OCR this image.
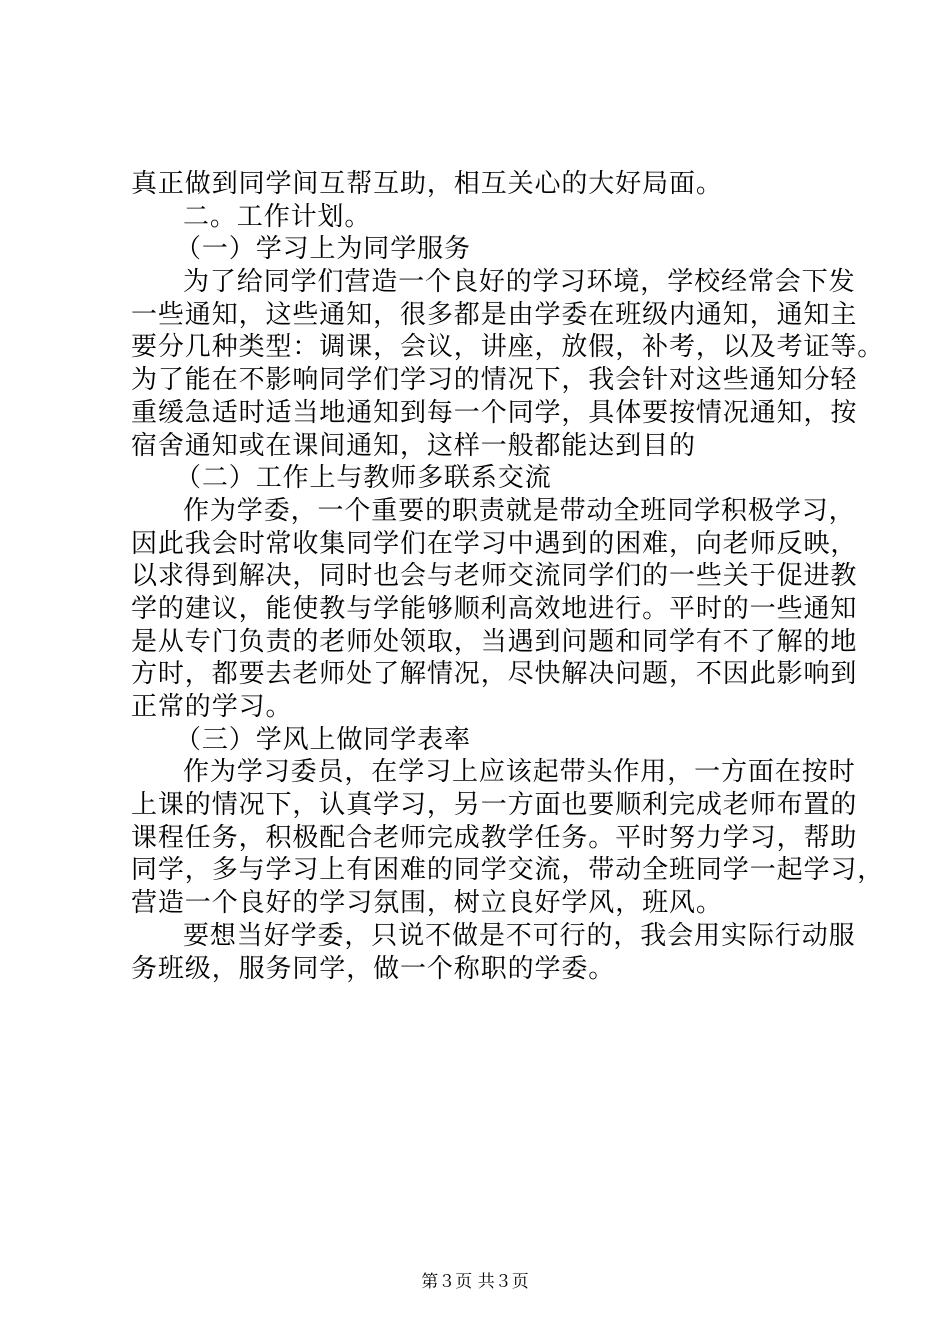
真正做到同学间互帮互助，相互关心的大好局面。
二。工作计划。
（一）学习上为同学服务
为了给同学们营造一个良好的学习环境，学校经常会下发
一些通知，这些通知，很多都是由学委在班级内通知，通知主
要分几种类型：调课，会议，讲座，放假，补考，以及考证等。
为了能在不影响同学们学习的情况下，我会针对这些通知分轻
重缓急适时适当地通知到每一个同学，具体要按情况通知，按
宿舍通知或在课间通知，这样一般都能达到目的
（二）工作上与教师多联系交流
作为学委，一个重要的职责就是带动全班同学积极学习，
因此我会时常收集同学们在学习中遇到的困难，向老师反映，
以求得到解决，同时也会与老师交流同学们的一些关于促进教
学的建议，能使教与学能够顺利高效地进行。平时的一些通知
是从专门负责的老师处领取，当遇到问题和同学有不了解的地
方时，都要去老师处了解情况，尽快解决问题，不因此影响到
正常的学习。
（三）学风上做同学表率
作为学习委员，在学习上应该起带头作用，一方面在按时
上课的情况下，认真学习，另一方面也要顺利完成老师布置的
课程任务，积极配合老师完成教学任务。平时努力学习，帮助
同学，多与学习上有困难的同学交流，带动全班同学一起学习，
营造一个良好的学习氛围，树立良好学风，班风。
要想当好学委，只说不做是不可行的，我会用实际行动服
务班级，服务同学，做一个称职的学委。
第３页 共３页
